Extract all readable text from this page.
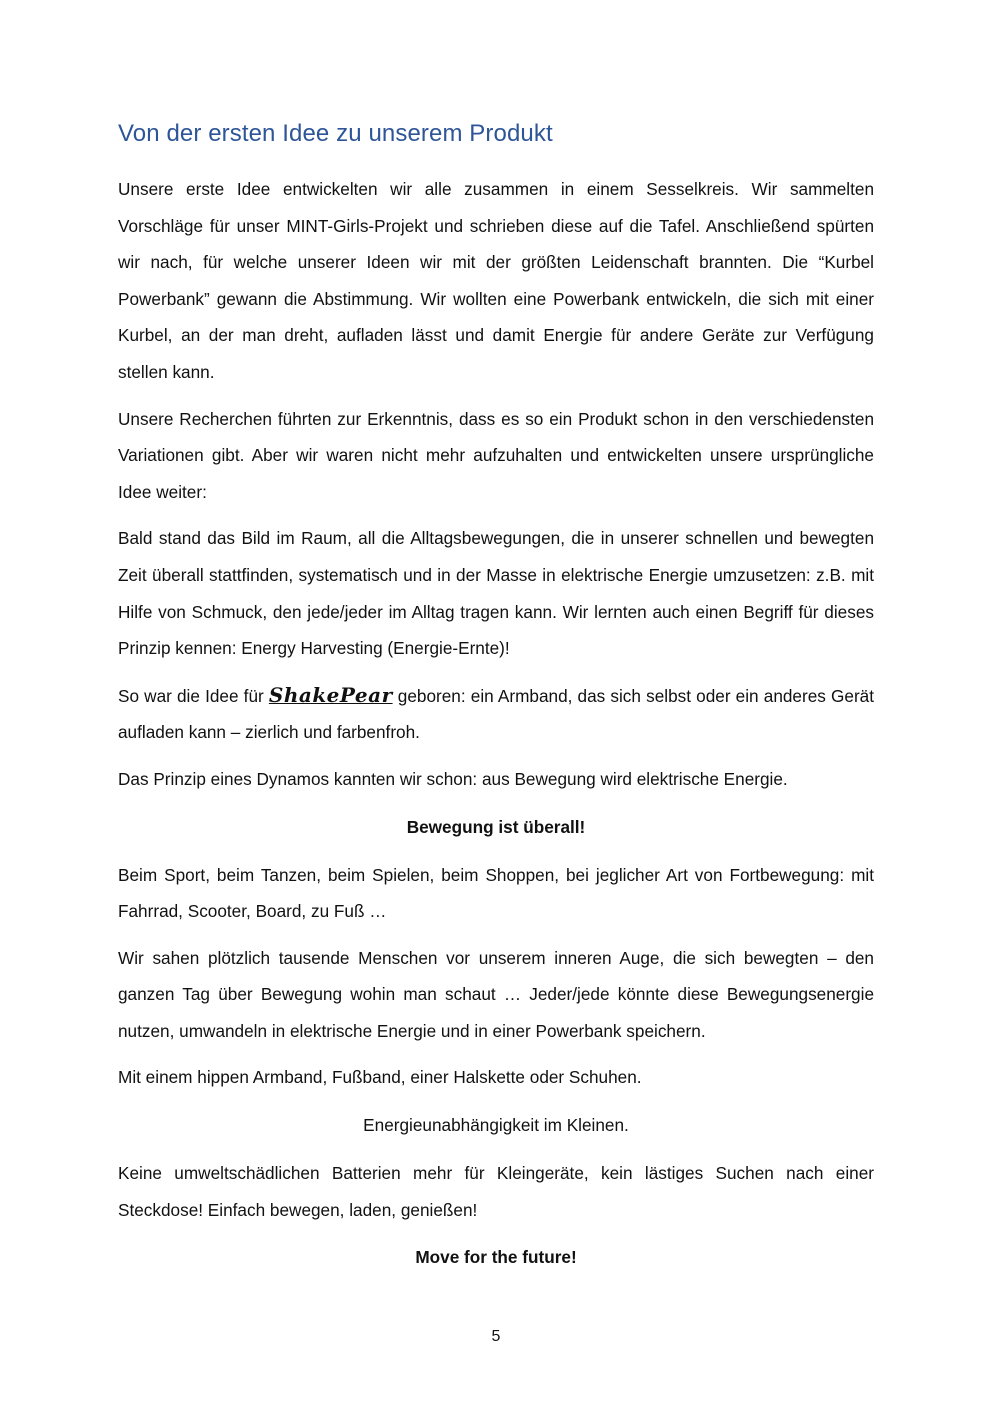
Von der ersten Idee zu unserem Produkt

Unsere erste Idee entwickelten wir alle zusammen in einem Sesselkreis. Wir sammelten Vorschläge für unser MINT-Girls-Projekt und schrieben diese auf die Tafel. Anschließend spürten wir nach, für welche unserer Ideen wir mit der größten Leidenschaft brannten. Die “Kurbel Powerbank” gewann die Abstimmung. Wir wollten eine Powerbank entwickeln, die sich mit einer Kurbel, an der man dreht, aufladen lässt und damit Energie für andere Geräte zur Verfügung stellen kann.

Unsere Recherchen führten zur Erkenntnis, dass es so ein Produkt schon in den verschiedensten Variationen gibt. Aber wir waren nicht mehr aufzuhalten und entwickelten unsere ursprüngliche Idee weiter:

Bald stand das Bild im Raum, all die Alltagsbewegungen, die in unserer schnellen und bewegten Zeit überall stattfinden, systematisch und in der Masse in elektrische Energie umzusetzen: z.B. mit Hilfe von Schmuck, den jede/jeder im Alltag tragen kann. Wir lernten auch einen Begriff für dieses Prinzip kennen: Energy Harvesting (Energie-Ernte)!

So war die Idee für ShakePear geboren: ein Armband, das sich selbst oder ein anderes Gerät aufladen kann – zierlich und farbenfroh.

Das Prinzip eines Dynamos kannten wir schon: aus Bewegung wird elektrische Energie.

Bewegung ist überall!

Beim Sport, beim Tanzen, beim Spielen, beim Shoppen, bei jeglicher Art von Fortbewegung: mit Fahrrad, Scooter, Board, zu Fuß …

Wir sahen plötzlich tausende Menschen vor unserem inneren Auge, die sich bewegten – den ganzen Tag über Bewegung wohin man schaut … Jeder/jede könnte diese Bewegungsenergie nutzen, umwandeln in elektrische Energie und in einer Powerbank speichern.

Mit einem hippen Armband, Fußband, einer Halskette oder Schuhen.

Energieunabhängigkeit im Kleinen.

Keine umweltschädlichen Batterien mehr für Kleingeräte, kein lästiges Suchen nach einer Steckdose! Einfach bewegen, laden, genießen!

Move for the future!

5
